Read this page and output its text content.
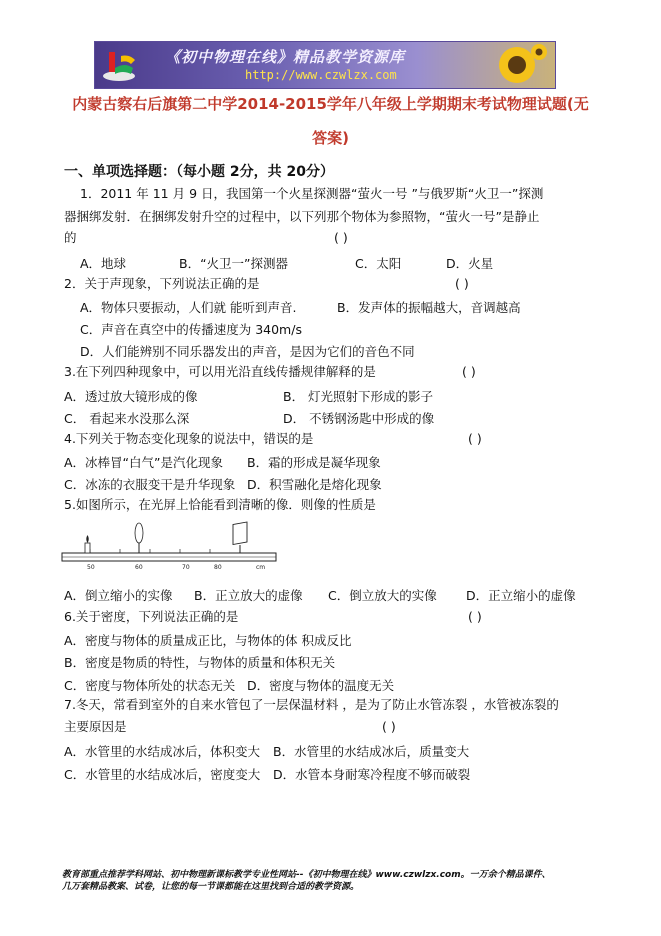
《初中物理在线》精品教学资源库
http://www.czwlzx.com
内蒙古察右后旗第二中学2014-2015学年八年级上学期期末考试物理试题(无
答案)
一、单项选择题：（每小题 2分，共 20分）
1．2011 年 11 月 9 日，我国第一个火星探测器“萤火一号 ”与俄罗斯“火卫一”探测
器捆绑发射．在捆绑发射升空的过程中，以下列那个物体为参照物，“萤火一号”是静止
的	( )
A．地球	B．“火卫一”探测器	C．太阳	D．火星
2．关于声现象，下列说法正确的是	( )
A．物体只要振动，人们就 能听到声音.	B．发声体的振幅越大，音调越高
C．声音在真空中的传播速度为 340m/s
D．人们能辨别不同乐器发出的声音，是因为它们的音色不同
3.在下列四种现象中，可以用光沿直线传播规律解释的是	( )
A．透过放大镜形成的像	B． 灯光照射下形成的影子
C． 看起来水没那么深	D． 不锈钢汤匙中形成的像
4.下列关于物态变化现象的说法中，错误的是	( )
A．冰棒冒“白气”是汽化现象 B．霜的形成是凝华现象
C．冰冻的衣服变干是升华现象 D．积雪融化是熔化现象
5.如图所示，在光屏上恰能看到清晰的像．则像的性质是
50	60	70	80	cm
A．倒立缩小的实像 B．正立放大的虚像 C．倒立放大的实像 D．正立缩小的虚像
6.关于密度，下列说法正确的是	( )
A．密度与物体的质量成正比，与物体的体 积成反比
B．密度是物质的特性，与物体的质量和体积无关
C．密度与物体所处的状态无关 D．密度与物体的温度无关
7.冬天，常看到室外的自来水管包了一层保温材料 ，是为了防止水管冻裂 ，水管被冻裂的
主要原因是	( )
A．水管里的水结成冰后，体积变大 B．水管里的水结成冰后，质量变大
C．水管里的水结成冰后，密度变大 D．水管本身耐寒冷程度不够而破裂
教育部重点推荐学科网站、初中物理新课标教学专业性网站--《初中物理在线》www.czwlzx.com。一万余个精品课件、
几万套精品教案、试卷，让您的每一节课都能在这里找到合适的教学资源。
